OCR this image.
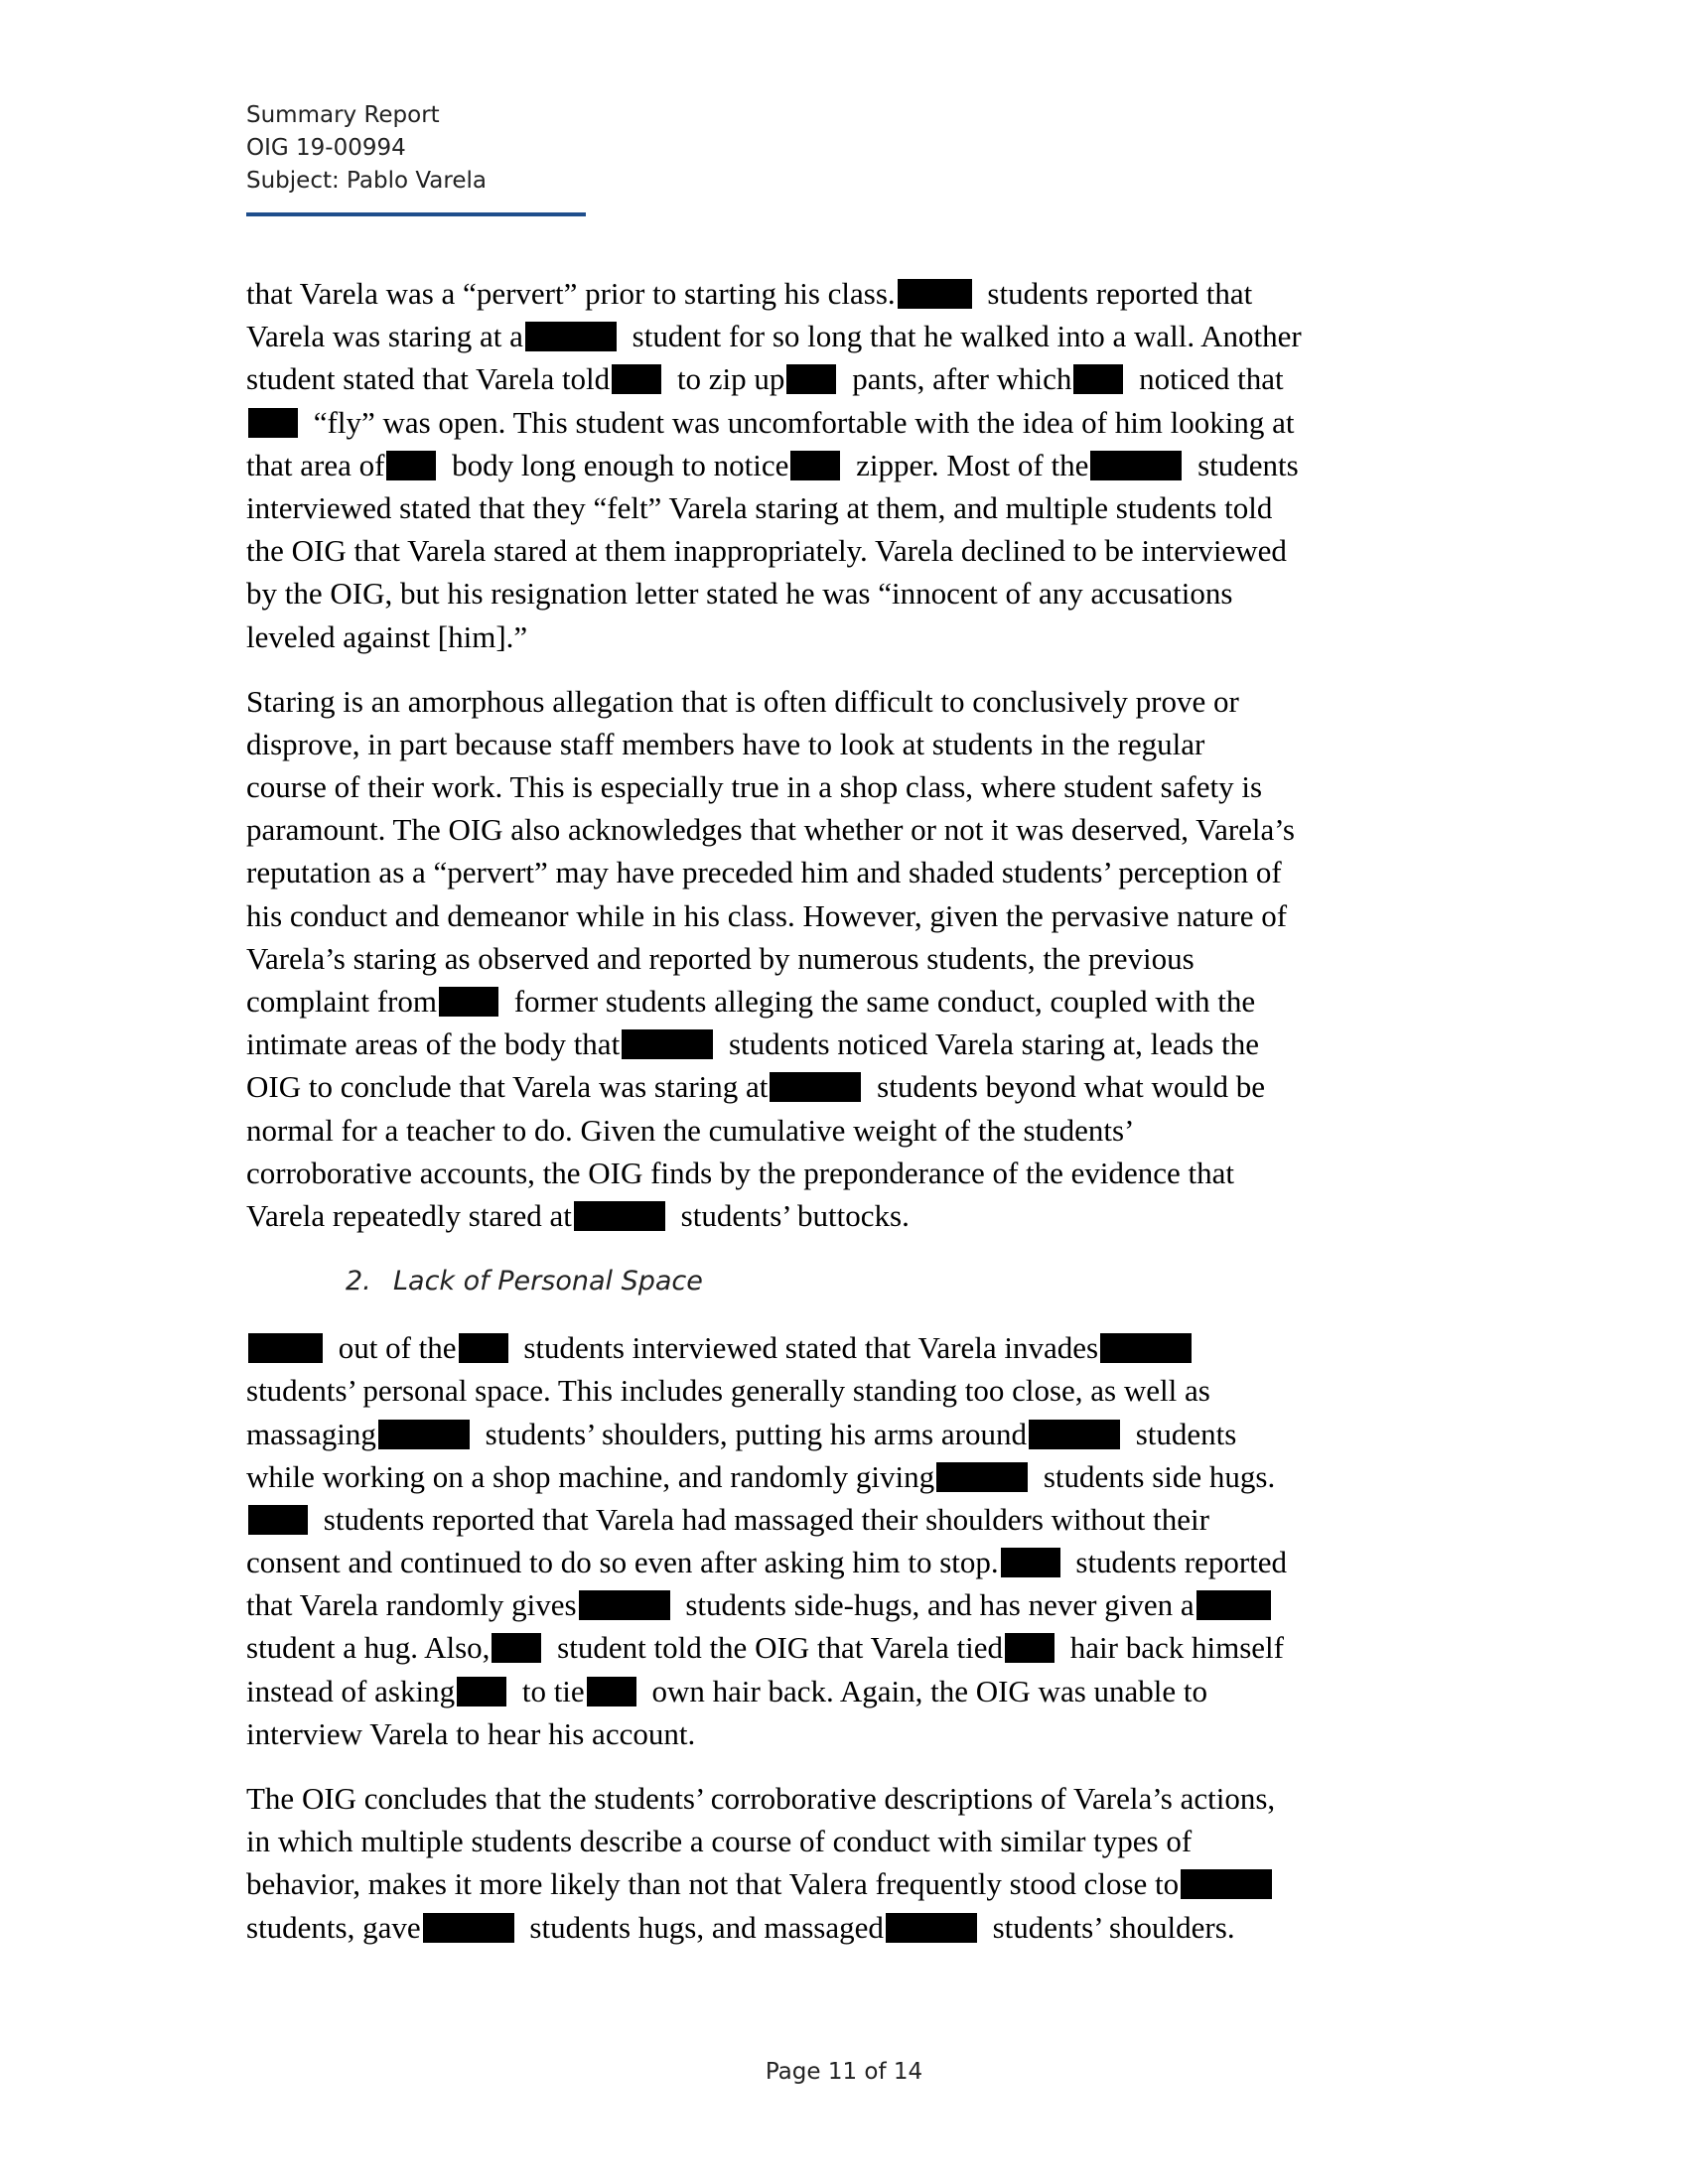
Summary Report
OIG 19-00994
Subject: Pablo Varela
that Varela was a “pervert” prior to starting his class.	students reported that
Varela was staring at a	student for so long that he walked into a wall. Another
student stated that Varela told to zip up pants, after which noticed that
“fly” was open. This student was uncomfortable with the idea of him looking at
that area of body long enough to notice zipper. Most of the	students
interviewed stated that they “felt” Varela staring at them, and multiple students told
the OIG that Varela stared at them inappropriately. Varela declined to be interviewed
by the OIG, but his resignation letter stated he was “innocent of any accusations
leveled against [him].”
Staring is an amorphous allegation that is often difficult to conclusively prove or
disprove, in part because staff members have to look at students in the regular
course of their work. This is especially true in a shop class, where student safety is
paramount. The OIG also acknowledges that whether or not it was deserved, Varela’s
reputation as a “pervert” may have preceded him and shaded students’ perception of
his conduct and demeanor while in his class. However, given the pervasive nature of
Varela’s staring as observed and reported by numerous students, the previous
complaint from former students alleging the same conduct, coupled with the
intimate areas of the body that	students noticed Varela staring at, leads the
OIG to conclude that Varela was staring at	students beyond what would be
normal for a teacher to do. Given the cumulative weight of the students’
corroborative accounts, the OIG finds by the preponderance of the evidence that
Varela repeatedly stared at	students’ buttocks.
2. Lack of Personal Space
out of the students interviewed stated that Varela invades
students’ personal space. This includes generally standing too close, as well as
massaging	students’ shoulders, putting his arms around	students
while working on a shop machine, and randomly giving	students side hugs.
students reported that Varela had massaged their shoulders without their
consent and continued to do so even after asking him to stop. students reported
that Varela randomly gives	students side-hugs, and has never given a
student a hug. Also, student told the OIG that Varela tied hair back himself
instead of asking to tie own hair back. Again, the OIG was unable to
interview Varela to hear his account.
The OIG concludes that the students’ corroborative descriptions of Varela’s actions,
in which multiple students describe a course of conduct with similar types of
behavior, makes it more likely than not that Valera frequently stood close to
students, gave	students hugs, and massaged	students’ shoulders.
Page 11 of 14
